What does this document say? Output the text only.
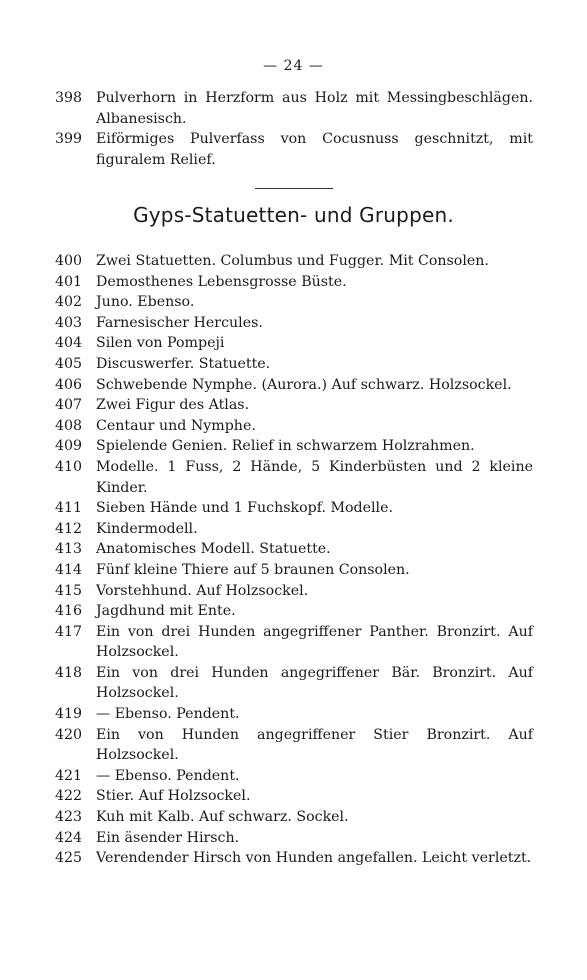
— 24 —
398 Pulverhorn in Herzform aus Holz mit Messingbeschlägen. Albanesisch.
399 Eiförmiges Pulverfass von Cocusnuss geschnitzt, mit figuralem Relief.
Gyps-Statuetten- und Gruppen.
400 Zwei Statuetten. Columbus und Fugger. Mit Consolen.
401 Demosthenes Lebensgrosse Büste.
402 Juno. Ebenso.
403 Farnesischer Hercules.
404 Silen von Pompeji
405 Discuswerfer. Statuette.
406 Schwebende Nymphe. (Aurora.) Auf schwarz. Holzsockel.
407 Zwei Figur des Atlas.
408 Centaur und Nymphe.
409 Spielende Genien. Relief in schwarzem Holzrahmen.
410 Modelle. 1 Fuss, 2 Hände, 5 Kinderbüsten und 2 kleine Kinder.
411 Sieben Hände und 1 Fuchskopf. Modelle.
412 Kindermodell.
413 Anatomisches Modell. Statuette.
414 Fünf kleine Thiere auf 5 braunen Consolen.
415 Vorstehhund. Auf Holzsockel.
416 Jagdhund mit Ente.
417 Ein von drei Hunden angegriffener Panther. Bronzirt. Auf Holzsockel.
418 Ein von drei Hunden angegriffener Bär. Bronzirt. Auf Holzsockel.
419 — Ebenso. Pendent.
420 Ein von Hunden angegriffener Stier Bronzirt. Auf Holzsockel.
421 — Ebenso. Pendent.
422 Stier. Auf Holzsockel.
423 Kuh mit Kalb. Auf schwarz. Sockel.
424 Ein äsender Hirsch.
425 Verendender Hirsch von Hunden angefallen. Leicht verletzt.
